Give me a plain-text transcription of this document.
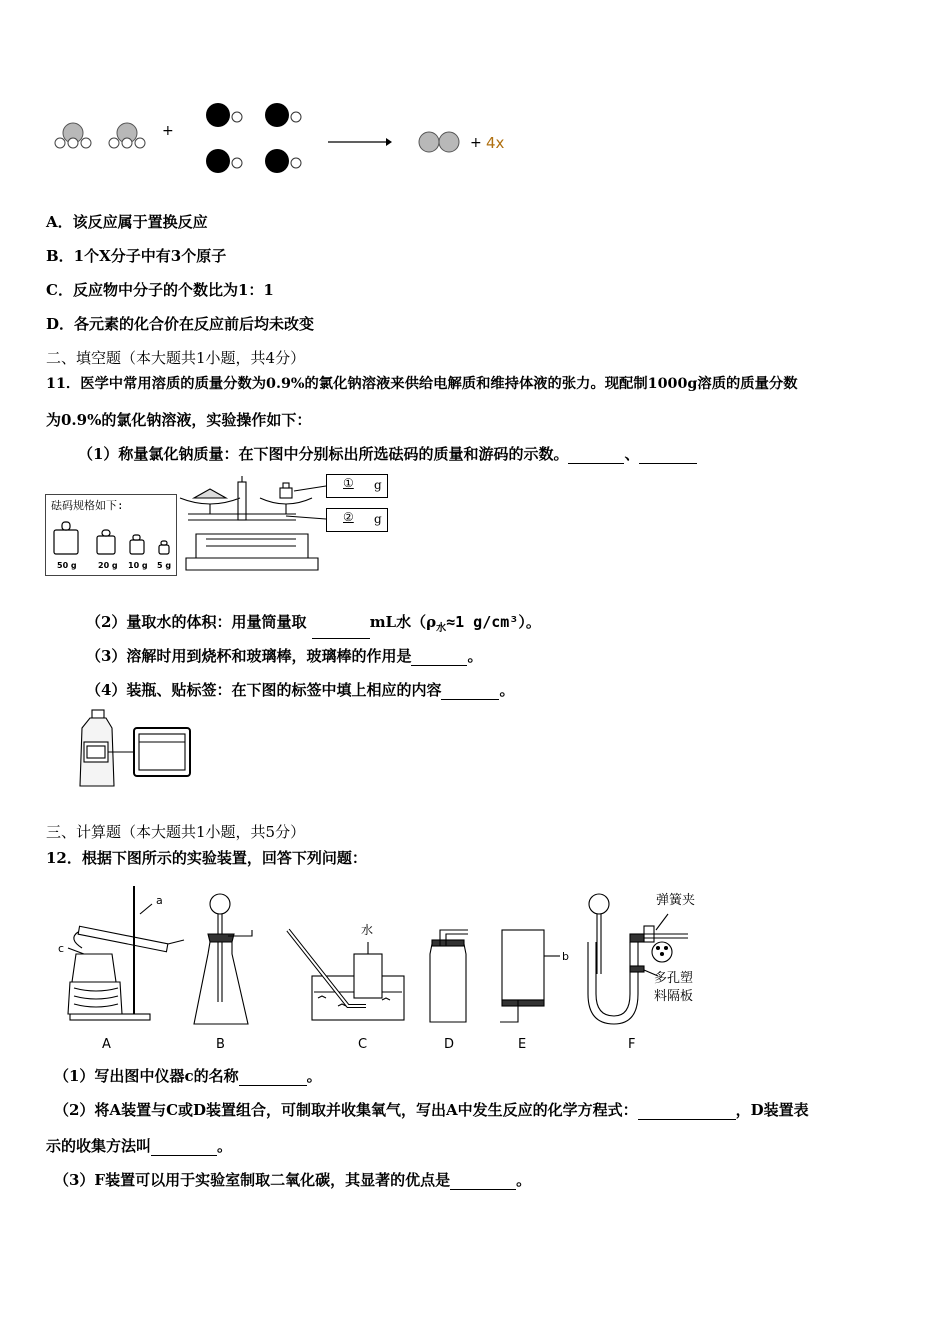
+
+ 4x
A．该反应属于置换反应
B．1个X分子中有3个原子
C．反应物中分子的个数比为1：1
D．各元素的化合价在反应前后均未改变
二、填空题（本大题共1小题，共4分）
11．医学中常用溶质的质量分数为0.9%的氯化钠溶液来供给电解质和维持体液的张力。现配制1000g溶质的质量分数
为0.9%的氯化钠溶液，实验操作如下：
（1）称量氯化钠质量：在下图中分别标出所选砝码的质量和游码的示数。	、
砝码规格如下:
50 g	20 g 10 g 5 g
① g
② g
（2）量取水的体积：用量筒量取	mL水（$\rho_水\approx 1$ g/cm³）。
（3）溶解时用到烧杯和玻璃棒，玻璃棒的作用是	。
（4）装瓶、贴标签：在下图的标签中填上相应的内容	。
三、计算题（本大题共1小题，共5分）
12．根据下图所示的实验装置，回答下列问题：
A	B	C	D	E	F
a
c
b
水
弹簧夹
多孔塑
料隔板
（1）写出图中仪器c的名称	。
（2）将A装置与C或D装置组合，可制取并收集氧气，写出A中发生反应的化学方程式：	，D装置表
示的收集方法叫	。
（3）F装置可以用于实验室制取二氧化碳，其显著的优点是	。
